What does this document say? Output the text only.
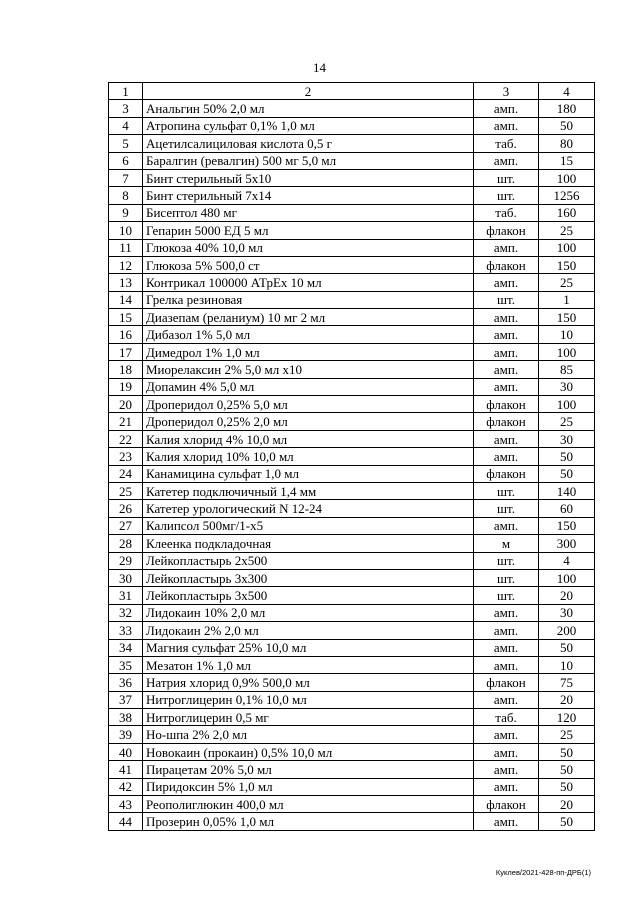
14
1	2	3	4
3	Анальгин 50% 2,0 мл	амп.	180
4	Атропина сульфат 0,1% 1,0 мл	амп.	50
5	Ацетилсалициловая кислота 0,5 г	таб.	80
6	Баралгин (ревалгин) 500 мг 5,0 мл	амп.	15
7	Бинт стерильный 5х10	шт.	100
8	Бинт стерильный 7х14	шт.	1256
9	Бисептол 480 мг	таб.	160
10	Гепарин 5000 ЕД 5 мл	флакон	25
11	Глюкоза 40% 10,0 мл	амп.	100
12	Глюкоза 5% 500,0 ст	флакон	150
13	Контрикал 100000 АТрЕх 10 мл	амп.	25
14	Грелка резиновая	шт.	1
15	Диазепам (реланиум) 10 мг 2 мл	амп.	150
16	Дибазол 1% 5,0 мл	амп.	10
17	Димедрол 1% 1,0 мл	амп.	100
18	Миорелаксин 2% 5,0 мл х10	амп.	85
19	Допамин 4% 5,0 мл	амп.	30
20	Дроперидол 0,25% 5,0 мл	флакон	100
21	Дроперидол 0,25% 2,0 мл	флакон	25
22	Калия хлорид 4% 10,0 мл	амп.	30
23	Калия хлорид 10% 10,0 мл	амп.	50
24	Канамицина сульфат 1,0 мл	флакон	50
25	Катетер подключичный 1,4 мм	шт.	140
26	Катетер урологический N 12-24	шт.	60
27	Калипсол 500мг/1-х5	амп.	150
28	Клеенка подкладочная	м	300
29	Лейкопластырь 2х500	шт.	4
30	Лейкопластырь 3х300	шт.	100
31	Лейкопластырь 3х500	шт.	20
32	Лидокаин 10% 2,0 мл	амп.	30
33	Лидокаин 2% 2,0 мл	амп.	200
34	Магния сульфат 25% 10,0 мл	амп.	50
35	Мезатон 1% 1,0 мл	амп.	10
36	Натрия хлорид 0,9% 500,0 мл	флакон	75
37	Нитроглицерин 0,1% 10,0 мл	амп.	20
38	Нитроглицерин 0,5 мг	таб.	120
39	Но-шпа 2% 2,0 мл	амп.	25
40	Новокаин (прокаин) 0,5% 10,0 мл	амп.	50
41	Пирацетам 20% 5,0 мл	амп.	50
42	Пиридоксин 5% 1,0 мл	амп.	50
43	Реополиглюкин 400,0 мл	флакон	20
44	Прозерин 0,05% 1,0 мл	амп.	50
Куклев/2021-428-пп-ДРБ(1)
